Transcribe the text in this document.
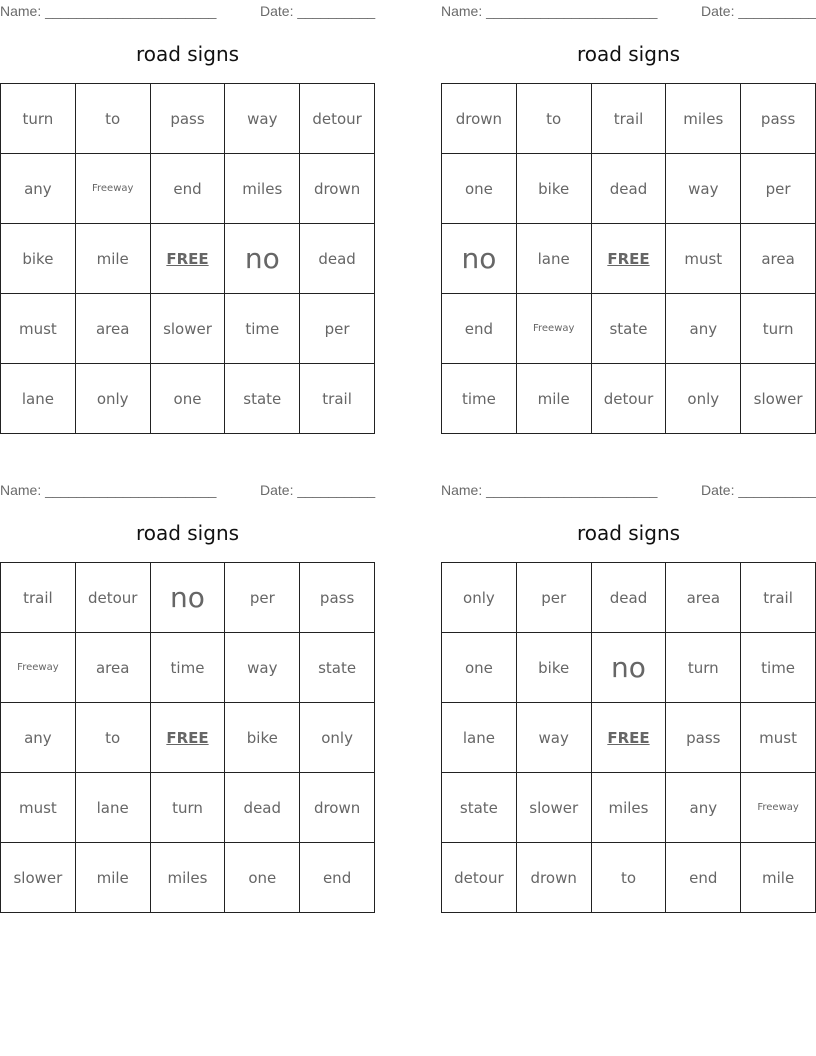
Name: ______________________	Date: __________
road signs
turn	to	pass	way	detour
any	Freeway	end	miles	drown
bike	mile	FREE	no	dead
must	area	slower	time	per
lane	only	one	state	trail
Name: ______________________	Date: __________
road signs
drown	to	trail	miles	pass
one	bike	dead	way	per
no	lane	FREE	must	area
end	Freeway	state	any	turn
time	mile	detour	only	slower
Name: ______________________	Date: __________
road signs
trail	detour	no	per	pass
Freeway	area	time	way	state
any	to	FREE	bike	only
must	lane	turn	dead	drown
slower	mile	miles	one	end
Name: ______________________	Date: __________
road signs
only	per	dead	area	trail
one	bike	no	turn	time
lane	way	FREE	pass	must
state	slower	miles	any	Freeway
detour	drown	to	end	mile
